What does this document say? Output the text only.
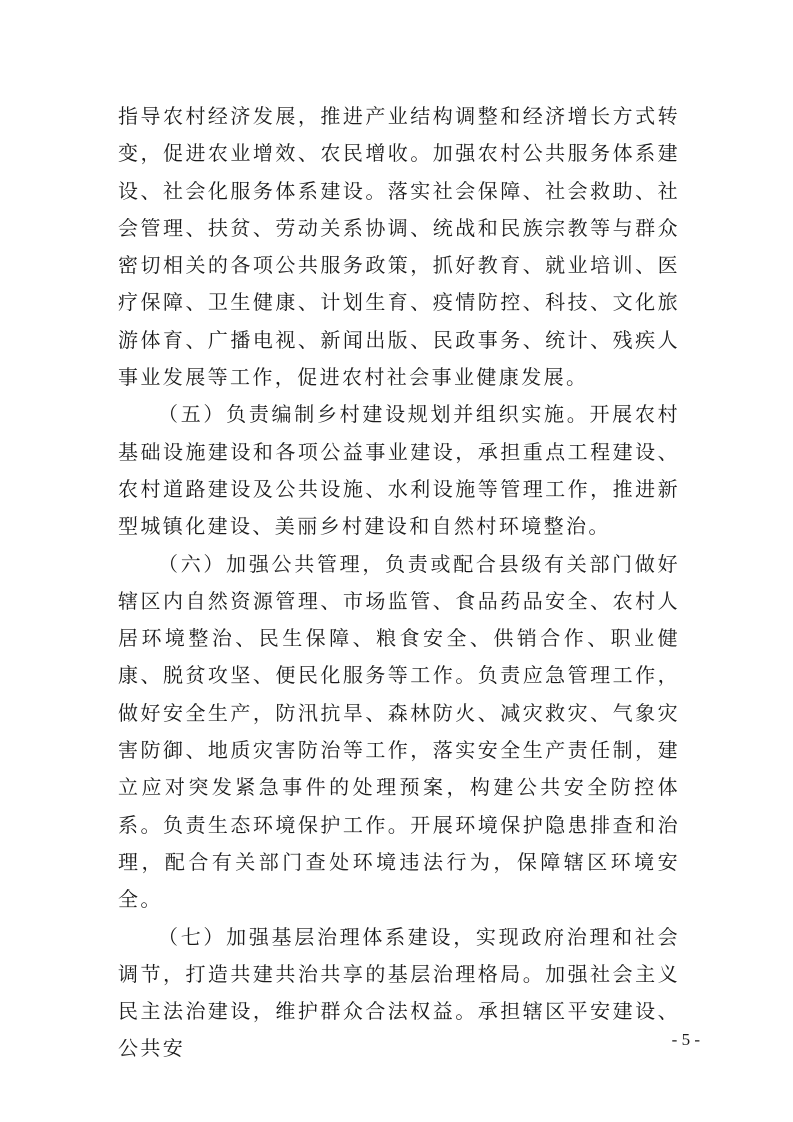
指导农村经济发展，推进产业结构调整和经济增长方式转变，促进农业增效、农民增收。加强农村公共服务体系建设、社会化服务体系建设。落实社会保障、社会救助、社会管理、扶贫、劳动关系协调、统战和民族宗教等与群众密切相关的各项公共服务政策，抓好教育、就业培训、医疗保障、卫生健康、计划生育、疫情防控、科技、文化旅游体育、广播电视、新闻出版、民政事务、统计、残疾人事业发展等工作，促进农村社会事业健康发展。

（五）负责编制乡村建设规划并组织实施。开展农村基础设施建设和各项公益事业建设，承担重点工程建设、农村道路建设及公共设施、水利设施等管理工作，推进新型城镇化建设、美丽乡村建设和自然村环境整治。

（六）加强公共管理，负责或配合县级有关部门做好辖区内自然资源管理、市场监管、食品药品安全、农村人居环境整治、民生保障、粮食安全、供销合作、职业健康、脱贫攻坚、便民化服务等工作。负责应急管理工作，做好安全生产，防汛抗旱、森林防火、减灾救灾、气象灾害防御、地质灾害防治等工作，落实安全生产责任制，建立应对突发紧急事件的处理预案，构建公共安全防控体系。负责生态环境保护工作。开展环境保护隐患排查和治理，配合有关部门查处环境违法行为，保障辖区环境安全。

（七）加强基层治理体系建设，实现政府治理和社会调节，打造共建共治共享的基层治理格局。加强社会主义民主法治建设，维护群众合法权益。承担辖区平安建设、公共安	- 5 -
